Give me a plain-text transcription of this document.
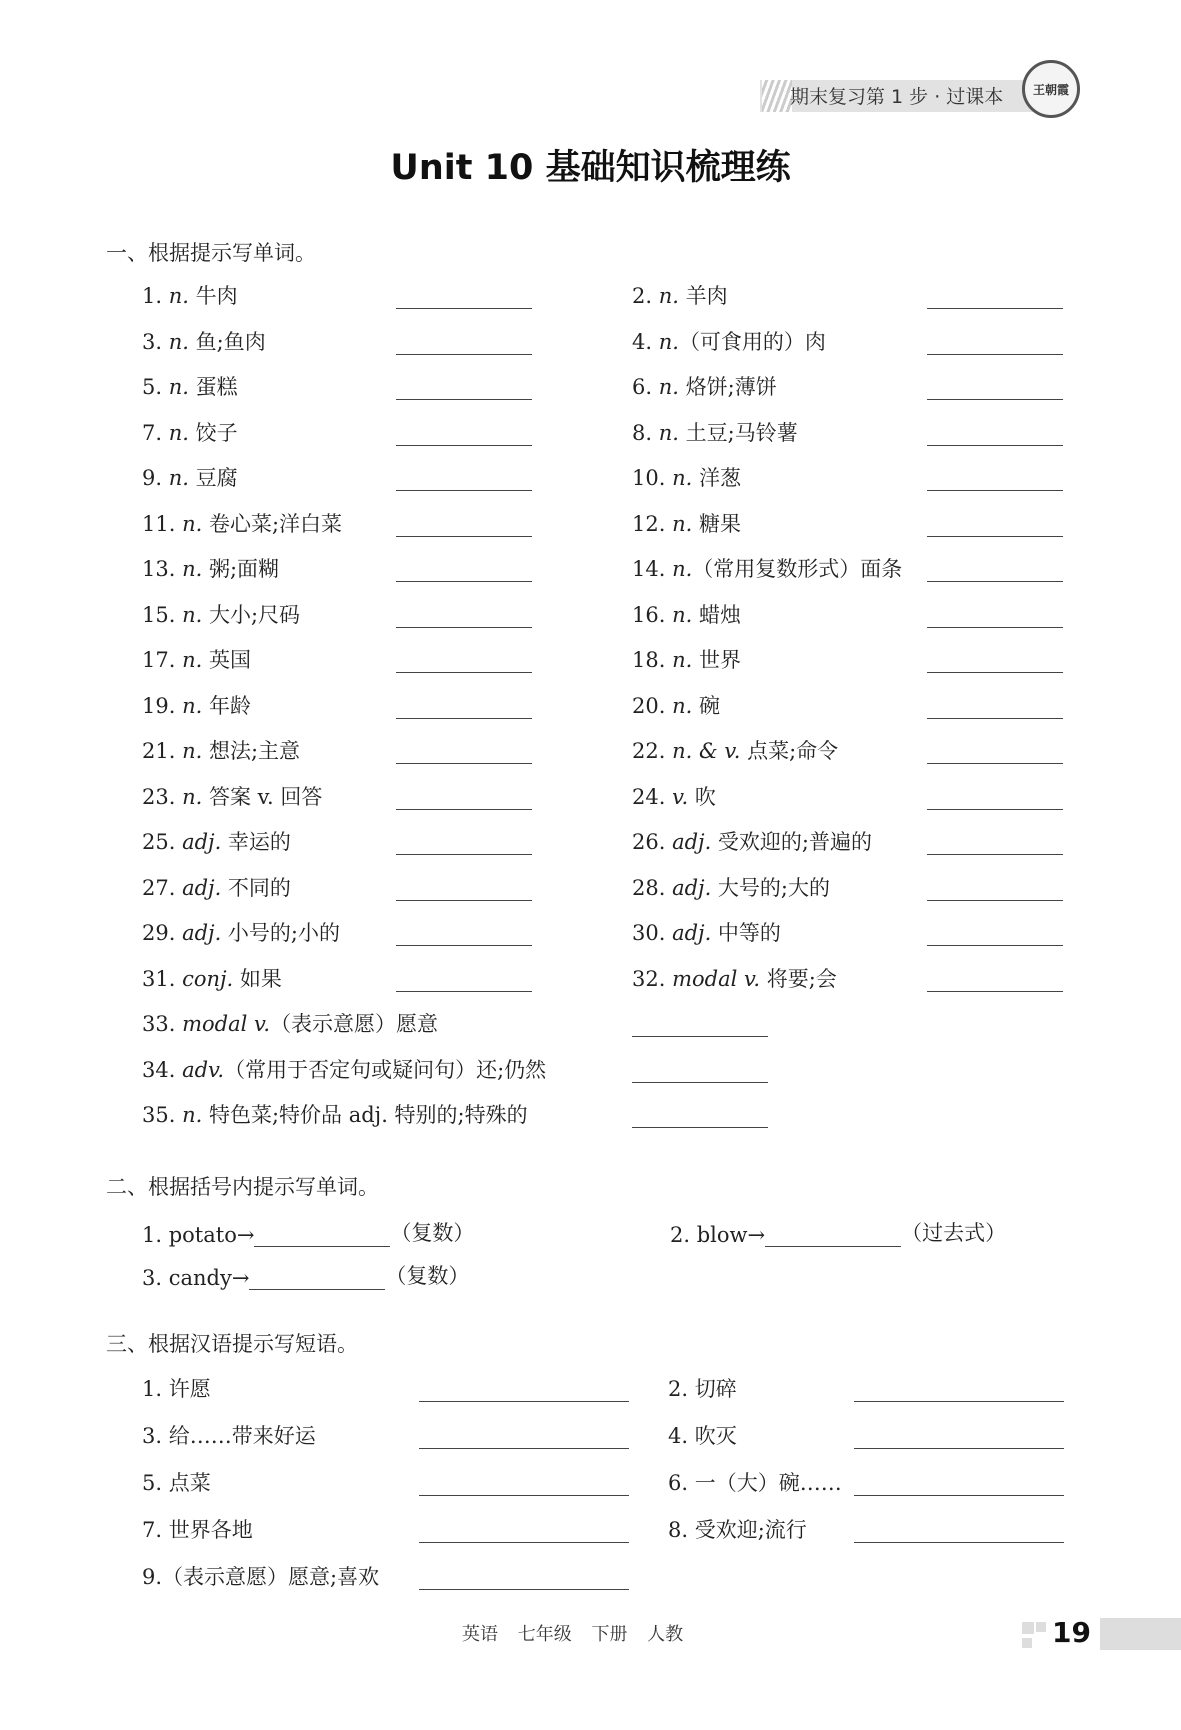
期末复习第 1 步 · 过课本 王朝霞
Unit 10 基础知识梳理练
一、根据提示写单词。
二、根据括号内提示写单词。
三、根据汉语提示写短语。
英语 七年级 下册 人教	19
1. n. 牛肉	2. n. 羊肉
3. n. 鱼;鱼肉	4. n.（可食用的）肉
5. n. 蛋糕	6. n. 烙饼;薄饼
7. n. 饺子	8. n. 土豆;马铃薯
9. n. 豆腐	10. n. 洋葱
11. n. 卷心菜;洋白菜	12. n. 糖果
13. n. 粥;面糊	14. n.（常用复数形式）面条
15. n. 大小;尺码	16. n. 蜡烛
17. n. 英国	18. n. 世界
19. n. 年龄	20. n. 碗
21. n. 想法;主意	22. n. & v. 点菜;命令
23. n. 答案 v. 回答	24. v. 吹
25. adj. 幸运的	26. adj. 受欢迎的;普遍的
27. adj. 不同的	28. adj. 大号的;大的
29. adj. 小号的;小的	30. adj. 中等的
31. conj. 如果	32. modal v. 将要;会
33. modal v.（表示意愿）愿意
34. adv.（常用于否定句或疑问句）还;仍然
35. n. 特色菜;特价品 adj. 特别的;特殊的
1. potato→	（复数）	2. blow→	（过去式）
3. candy→	（复数）
1. 许愿	2. 切碎
3. 给……带来好运	4. 吹灭
5. 点菜	6. 一（大）碗……
7. 世界各地	8. 受欢迎;流行
9.（表示意愿）愿意;喜欢
